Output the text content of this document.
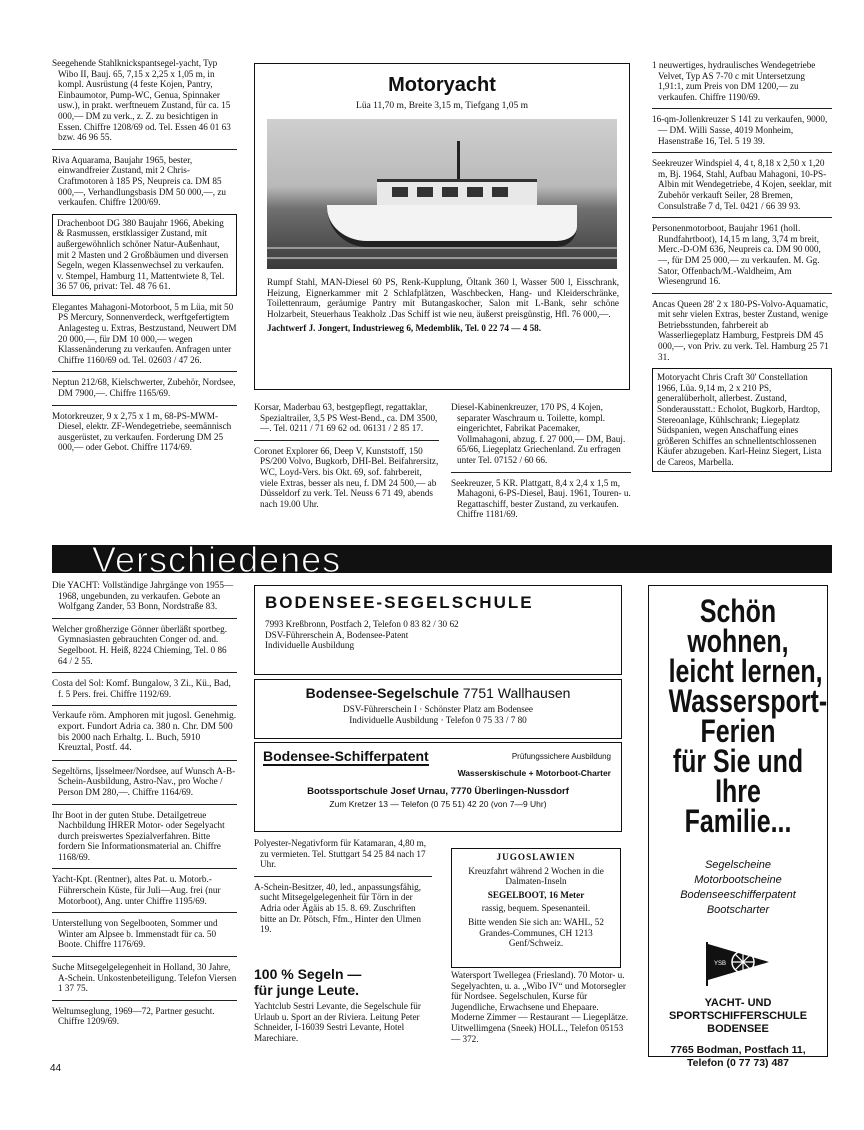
Seegehende Stahlknickspantsegel-yacht, Typ Wibo II, Bauj. 65, 7,15 x 2,25 x 1,05 m, in kompl. Ausrüstung (4 feste Kojen, Pantry, Einbaumotor, Pump-WC, Genua, Spinnaker usw.), in prakt. werftneuem Zustand, für ca. 15 000,— DM zu verk., z. Z. zu besichtigen in Essen. Chiffre 1208/69 od. Tel. Essen 46 01 63 bzw. 46 96 55.
Riva Aquarama, Baujahr 1965, bester, einwandfreier Zustand, mit 2 Chris-Craftmotoren à 185 PS, Neupreis ca. DM 85 000,—, Verhandlungsbasis DM 50 000,—, zu verkaufen. Chiffre 1200/69.
Drachenboot DG 380 Baujahr 1966, Abeking & Rasmussen, erstklassiger Zustand, mit außergewöhnlich schöner Natur-Außenhaut, mit 2 Masten und 2 Großbäumen und diversen Segeln, wegen Klassenwechsel zu verkaufen. v. Stempel, Hamburg 11, Mattentwiete 8, Tel. 36 57 06, privat: Tel. 48 76 61.
Elegantes Mahagoni-Motorboot, 5 m Lüa, mit 50 PS Mercury, Sonnenverdeck, werftgefertigtem Anlagesteg u. Extras, Bestzustand, Neuwert DM 20 000,—, für DM 10 000,— wegen Klassenänderung zu verkaufen. Anfragen unter Chiffre 1160/69 od. Tel. 02603 / 47 26.
Neptun 212/68, Kielschwerter, Zubehör, Nordsee, DM 7900,—. Chiffre 1165/69.
Motorkreuzer, 9 x 2,75 x 1 m, 68-PS-MWM-Diesel, elektr. ZF-Wendegetriebe, seemännisch ausgerüstet, zu verkaufen. Forderung DM 25 000,— oder Gebot. Chiffre 1174/69.
Motoryacht
Lüa 11,70 m, Breite 3,15 m, Tiefgang 1,05 m
Rumpf Stahl, MAN-Diesel 60 PS, Renk-Kupplung, Öltank 360 l, Wasser 500 l, Eisschrank, Heizung, Eignerkammer mit 2 Schlafplätzen, Waschbecken, Hang- und Kleiderschränke, Toilettenraum, geräumige Pantry mit Butangaskocher, Salon mit L-Bank, sehr schöne Holzarbeit, Steuerhaus Teakholz .Das Schiff ist wie neu, äußerst preisgünstig, Hfl. 76 000,—.
Jachtwerf J. Jongert, Industrieweg 6, Medemblik, Tel. 0 22 74 — 4 58.
Korsar, Maderbau 63, bestgepflegt, regattaklar, Spezialtrailer, 3,5 PS West-Bend., ca. DM 3500,—. Tel. 0211 / 71 69 62 od. 06131 / 2 85 17.
Coronet Explorer 66, Deep V, Kunststoff, 150 PS/200 Volvo, Bugkorb, DHI-Bel. Beifahrersitz, WC, Loyd-Vers. bis Okt. 69, sof. fahrbereit, viele Extras, besser als neu, f. DM 24 500,— ab Düsseldorf zu verk. Tel. Neuss 6 71 49, abends nach 19.00 Uhr.
Diesel-Kabinenkreuzer, 170 PS, 4 Kojen, separater Waschraum u. Toilette, kompl. eingerichtet, Fabrikat Pacemaker, Vollmahagoni, abzug. f. 27 000,— DM, Bauj. 65/66, Liegeplatz Griechenland. Zu erfragen unter Tel. 07152 / 60 66.
Seekreuzer, 5 KR. Plattgatt, 8,4 x 2,4 x 1,5 m, Mahagoni, 6-PS-Diesel, Bauj. 1961, Touren- u. Regattaschiff, bester Zustand, zu verkaufen. Chiffre 1181/69.
1 neuwertiges, hydraulisches Wendegetriebe Velvet, Typ AS 7-70 c mit Untersetzung 1,91:1, zum Preis von DM 1200,— zu verkaufen. Chiffre 1190/69.
16-qm-Jollenkreuzer S 141 zu verkaufen, 9000,— DM. Willi Sasse, 4019 Monheim, Hasenstraße 16, Tel. 5 19 39.
Seekreuzer Windspiel 4, 4 t, 8,18 x 2,50 x 1,20 m, Bj. 1964, Stahl, Aufbau Mahagoni, 10-PS-Albin mit Wendegetriebe, 4 Kojen, seeklar, mit Zubehör verkauft Seiler, 28 Bremen, Consulstraße 7 d, Tel. 0421 / 66 39 93.
Personenmotorboot, Baujahr 1961 (holl. Rundfahrtboot), 14,15 m lang, 3,74 m breit, Merc.-D-OM 636, Neupreis ca. DM 90 000,—, für DM 25 000,— zu verkaufen. M. Gg. Sator, Offenbach/M.-Waldheim, Am Wiesengrund 16.
Ancas Queen 28' 2 x 180-PS-Volvo-Aquamatic, mit sehr vielen Extras, bester Zustand, wenige Betriebsstunden, fahrbereit ab Wasserliegeplatz Hamburg, Festpreis DM 45 000,—, von Priv. zu verk. Tel. Hamburg 25 71 31.
Motoryacht Chris Craft 30' Constellation 1966, Lüa. 9,14 m, 2 x 210 PS, generalüberholt, allerbest. Zustand, Sonderausstatt.: Echolot, Bugkorb, Hardtop, Stereoanlage, Kühlschrank; Liegeplatz Südspanien, wegen Anschaffung eines größeren Schiffes an schnellentschlossenen Käufer abzugeben. Karl-Heinz Siegert, Lista de Careos, Marbella.
Verschiedenes
Die YACHT: Vollständige Jahrgänge von 1955—1968, ungebunden, zu verkaufen. Gebote an Wolfgang Zander, 53 Bonn, Nordstraße 83.
Welcher großherzige Gönner überläßt sportbeg. Gymnasiasten gebrauchten Conger od. and. Segelboot. H. Heiß, 8224 Chieming, Tel. 0 86 64 / 2 55.
Costa del Sol: Komf. Bungalow, 3 Zi., Kü., Bad, f. 5 Pers. frei. Chiffre 1192/69.
Verkaufe röm. Amphoren mit jugosl. Genehmig. export. Fundort Adria ca. 380 n. Chr. DM 500 bis 2000 nach Erhaltg. L. Buch, 5910 Kreuztal, Postf. 44.
Segeltörns, Ijsselmeer/Nordsee, auf Wunsch A-B-Schein-Ausbildung, Astro-Nav., pro Woche / Person DM 280,—. Chiffre 1164/69.
Ihr Boot in der guten Stube. Detailgetreue Nachbildung IHRER Motor- oder Segelyacht durch preiswertes Spezialverfahren. Bitte fordern Sie Informationsmaterial an. Chiffre 1168/69.
Yacht-Kpt. (Rentner), altes Pat. u. Motorb.-Führerschein Küste, für Juli—Aug. frei (nur Motorboot), Ang. unter Chiffre 1195/69.
Unterstellung von Segelbooten, Sommer und Winter am Alpsee b. Immenstadt für ca. 50 Boote. Chiffre 1176/69.
Suche Mitsegelgelegenheit in Holland, 30 Jahre, A-Schein. Unkostenbeteiligung. Telefon Viersen 1 37 75.
Weltumseglung, 1969—72, Partner gesucht. Chiffre 1209/69.
BODENSEE-SEGELSCHULE
7993 Kreßbronn, Postfach 2, Telefon 0 83 82 / 30 62
DSV-Führerschein A, Bodensee-Patent
Individuelle Ausbildung
Bodensee-Segelschule 7751 Wallhausen
DSV-Führerschein I · Schönster Platz am Bodensee
Individuelle Ausbildung · Telefon 0 75 33 / 7 80
Bodensee-Schifferpatent	Prüfungssichere Ausbildung
Wasserskischule + Motorboot-Charter
Bootssportschule Josef Urnau, 7770 Überlingen-Nussdorf
Zum Kretzer 13 — Telefon (0 75 51) 42 20 (von 7—9 Uhr)
Polyester-Negativform für Katamaran, 4,80 m, zu vermieten. Tel. Stuttgart 54 25 84 nach 17 Uhr.
A-Schein-Besitzer, 40, led., anpassungsfähig, sucht Mitsegelgelegenheit für Törn in der Adria oder Ägäis ab 15. 8. 69. Zuschriften bitte an Dr. Pötsch, Ffm., Hinter den Ulmen 19.
100 % Segeln —
für junge Leute.
Yachtclub Sestri Levante, die Segelschule für Urlaub u. Sport an der Riviera. Leitung Peter Schneider, I-16039 Sestri Levante, Hotel Marechiare.
JUGOSLAWIEN
Kreuzfahrt während 2 Wochen in die Dalmaten-Inseln
SEGELBOOT, 16 Meter
rassig, bequem. Spesenanteil.
Bitte wenden Sie sich an: WAHL, 52 Grandes-Communes, CH 1213 Genf/Schweiz.
Watersport Twellegea (Friesland). 70 Motor- u. Segelyachten, u. a. „Wibo IV“ und Motorsegler für Nordsee. Segelschulen, Kurse für Jugendliche, Erwachsene und Ehepaare. Moderne Zimmer — Restaurant — Liegeplätze. Uitwellimgena (Sneek) HOLL., Telefon 05153 — 372.
Schön
wohnen,
leicht lernen,
Wassersport-
Ferien
für Sie und
Ihre
Familie...
Segelscheine
Motorbootscheine
Bodenseeschifferpatent
Bootscharter
YSB
YACHT- UND
SPORTSCHIFFERSCHULE
BODENSEE
7765 Bodman, Postfach 11,
Telefon (0 77 73) 487
44
